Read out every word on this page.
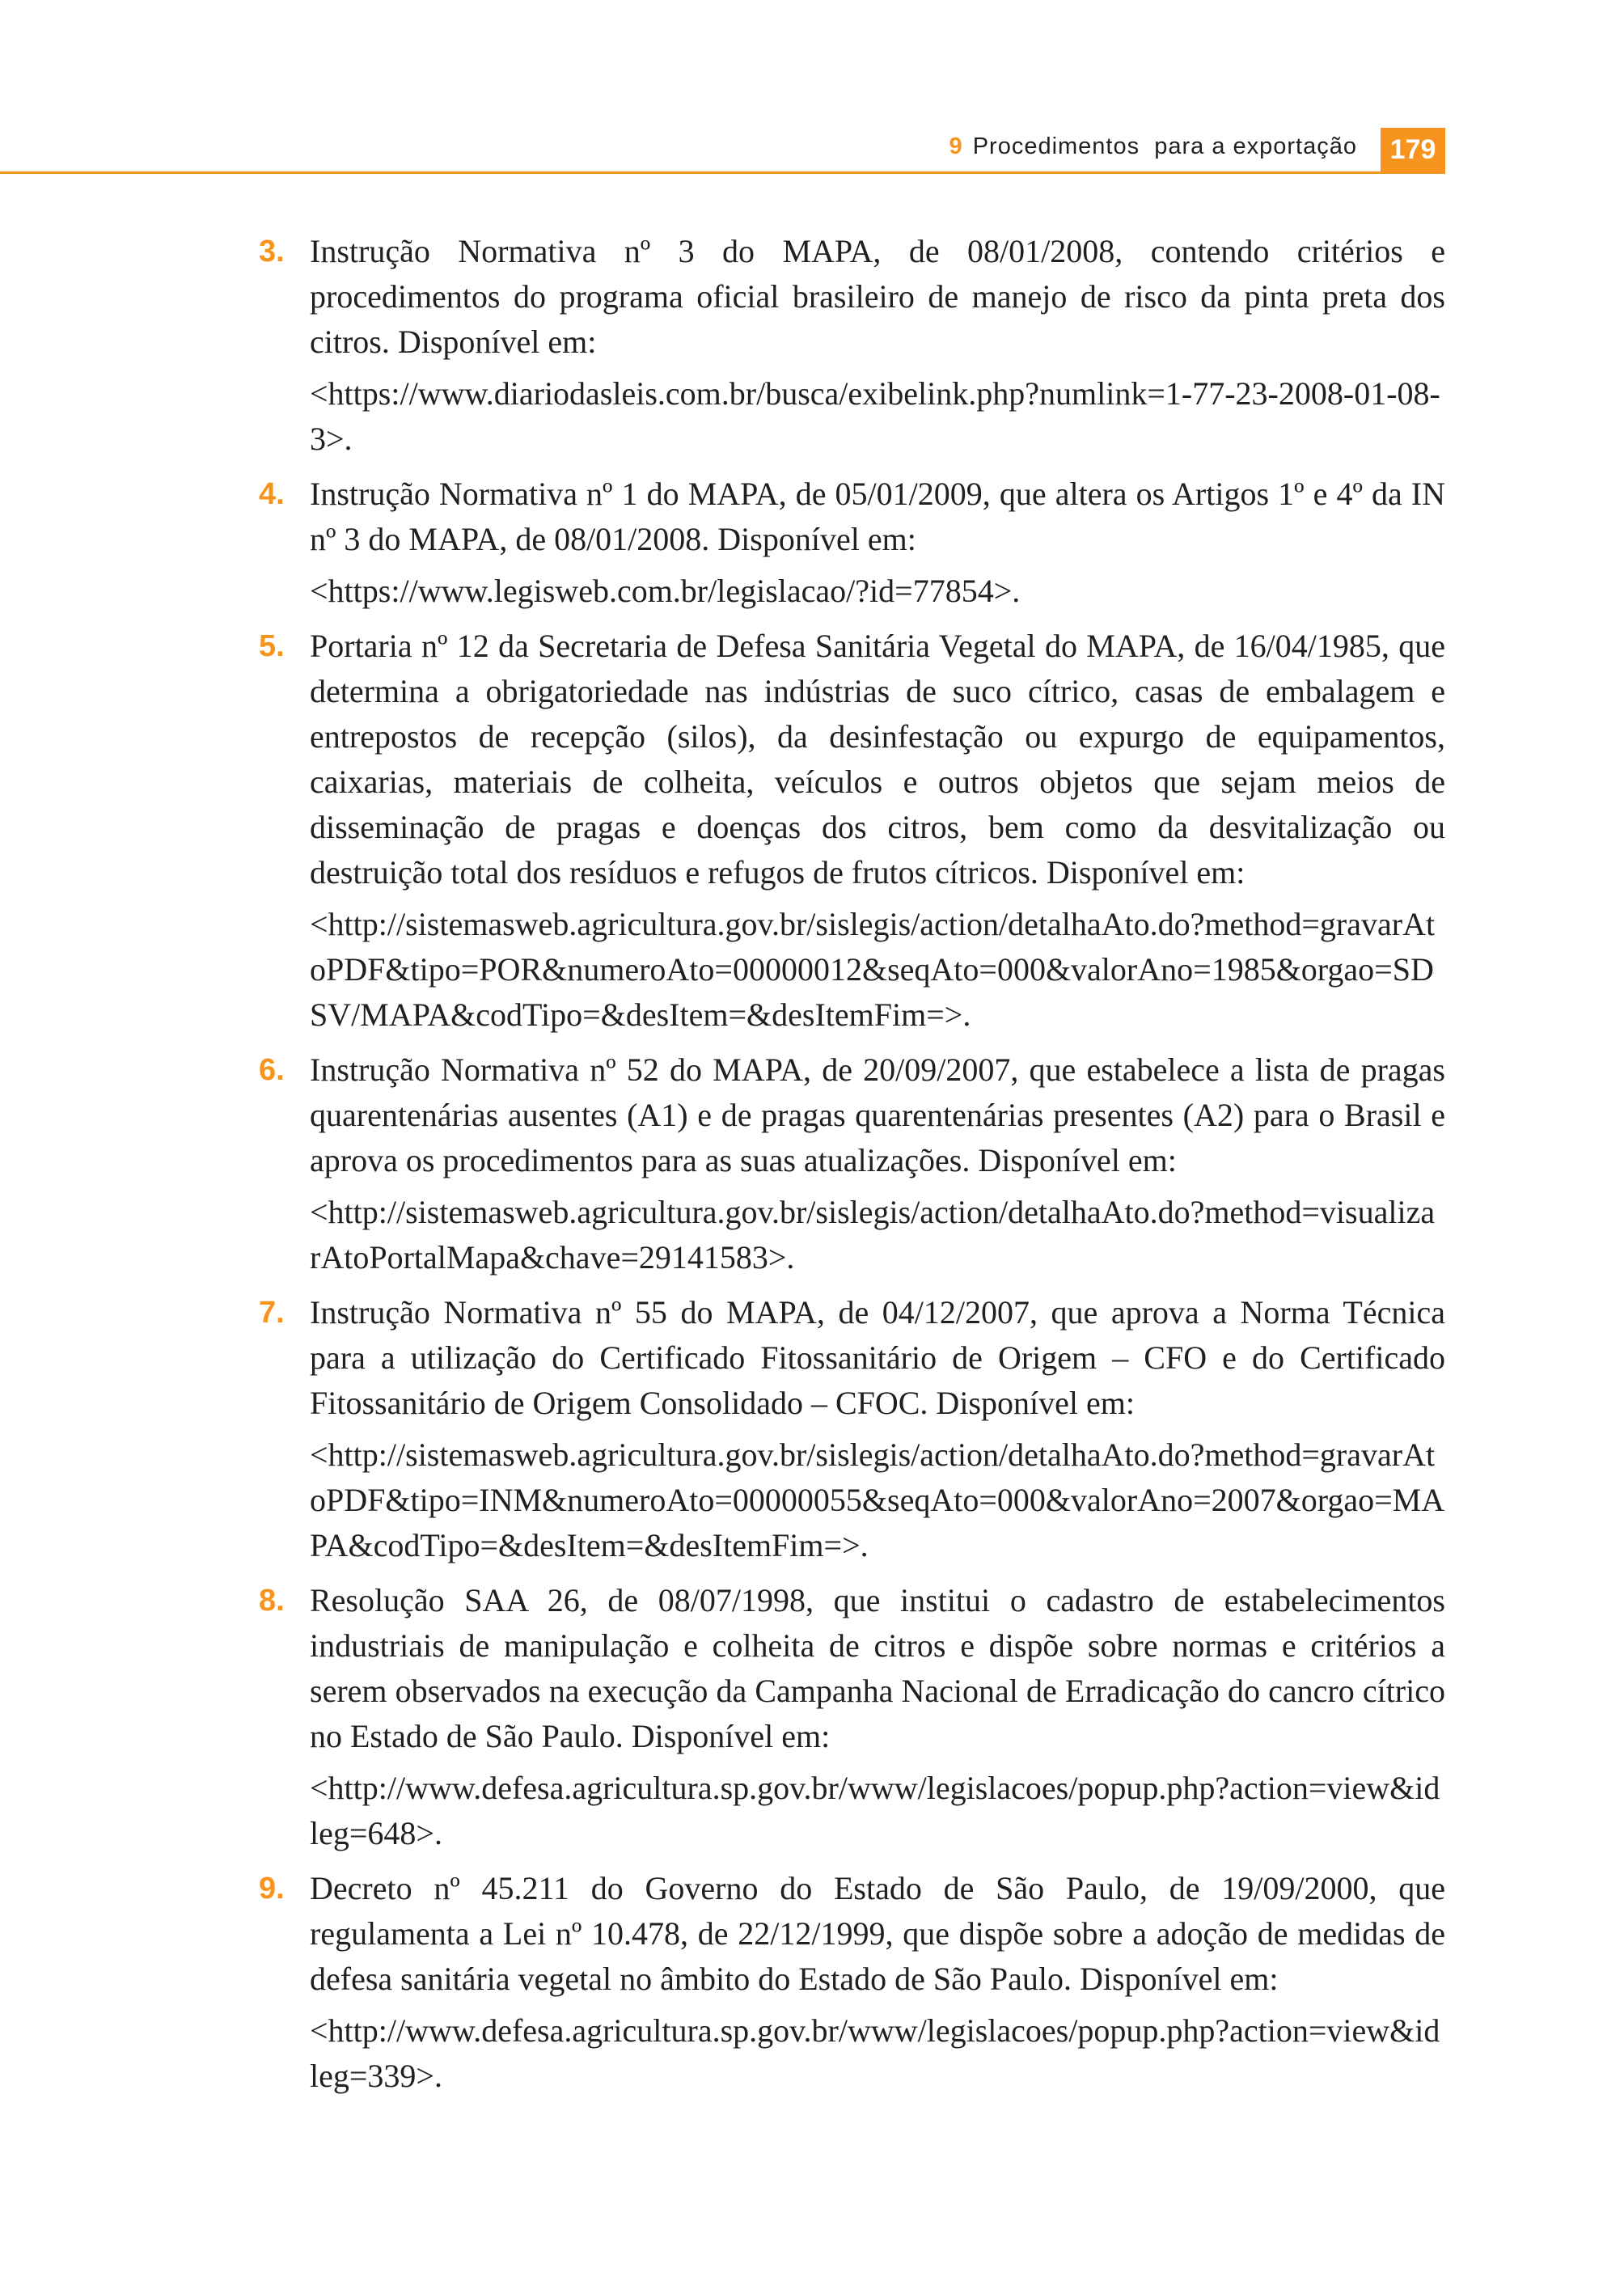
9 Procedimentos  para a exportação	179
3. Instrução Normativa nº 3 do MAPA, de 08/01/2008, contendo critérios e procedimentos do programa oficial brasileiro de manejo de risco da pinta preta dos citros. Disponível em:

<https://www.diariodasleis.com.br/busca/exibelink.php?numlink=1-77-23-2008-01-08-3>.

4. Instrução Normativa nº 1 do MAPA, de 05/01/2009, que altera os Artigos 1º e 4º da IN nº 3 do MAPA, de 08/01/2008. Disponível em:

<https://www.legisweb.com.br/legislacao/?id=77854>.

5. Portaria nº 12 da Secretaria de Defesa Sanitária Vegetal do MAPA, de 16/04/1985, que determina a obrigatoriedade nas indústrias de suco cítrico, casas de embalagem e entrepostos de recepção (silos), da desinfestação ou expurgo de equipamentos, caixarias, materiais de colheita, veículos e outros objetos que sejam meios de disseminação de pragas e doenças dos citros, bem como da desvitalização ou destruição total dos resíduos e refugos de frutos cítricos. Disponível em:

<http://sistemasweb.agricultura.gov.br/sislegis/action/detalhaAto.do?method=gravarAtoPDF&tipo=POR&numeroAto=00000012&seqAto=000&valorAno=1985&orgao=SDSV/MAPA&codTipo=&desItem=&desItemFim=>.

6. Instrução Normativa nº 52 do MAPA, de 20/09/2007, que estabelece a lista de pragas quarentenárias ausentes (A1) e de pragas quarentenárias presentes (A2) para o Brasil e aprova os procedimentos para as suas atualizações. Disponível em:

<http://sistemasweb.agricultura.gov.br/sislegis/action/detalhaAto.do?method=visualizarAtoPortalMapa&chave=29141583>.

7. Instrução Normativa nº 55 do MAPA, de 04/12/2007, que aprova a Norma Técnica para a utilização do Certificado Fitossanitário de Origem – CFO e do Certificado Fitossanitário de Origem Consolidado – CFOC. Disponível em:

<http://sistemasweb.agricultura.gov.br/sislegis/action/detalhaAto.do?method=gravarAtoPDF&tipo=INM&numeroAto=00000055&seqAto=000&valorAno=2007&orgao=MAPA&codTipo=&desItem=&desItemFim=>.

8. Resolução SAA 26, de 08/07/1998, que institui o cadastro de estabelecimentos industriais de manipulação e colheita de citros e dispõe sobre normas e critérios a serem observados na execução da Campanha Nacional de Erradicação do cancro cítrico no Estado de São Paulo. Disponível em:

<http://www.defesa.agricultura.sp.gov.br/www/legislacoes/popup.php?action=view&idleg=648>.

9. Decreto nº 45.211 do Governo do Estado de São Paulo, de 19/09/2000, que regulamenta a Lei nº 10.478, de 22/12/1999, que dispõe sobre a adoção de medidas de defesa sanitária vegetal no âmbito do Estado de São Paulo. Disponível em:

<http://www.defesa.agricultura.sp.gov.br/www/legislacoes/popup.php?action=view&idleg=339>.
